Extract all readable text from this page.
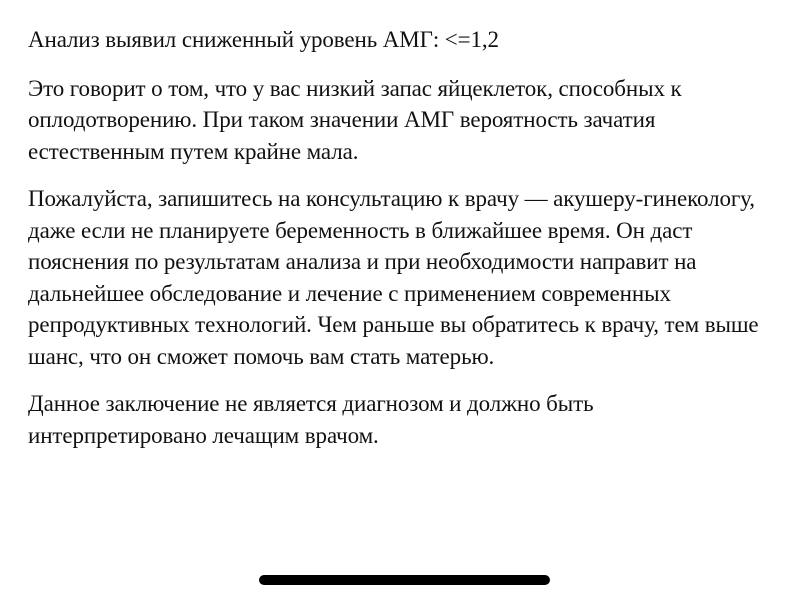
Анализ выявил сниженный уровень АМГ: <=1,2

Это говорит о том, что у вас низкий запас яйцеклеток, способных к оплодотворению. При таком значении АМГ вероятность зачатия естественным путем крайне мала.

Пожалуйста, запишитесь на консультацию к врачу — акушеру-гинекологу, даже если не планируете беременность в ближайшее время. Он даст пояснения по результатам анализа и при необходимости направит на дальнейшее обследование и лечение с применением современных репродуктивных технологий. Чем раньше вы обратитесь к врачу, тем выше шанс, что он сможет помочь вам стать матерью.

Данное заключение не является диагнозом и должно быть интерпретировано лечащим врачом.
